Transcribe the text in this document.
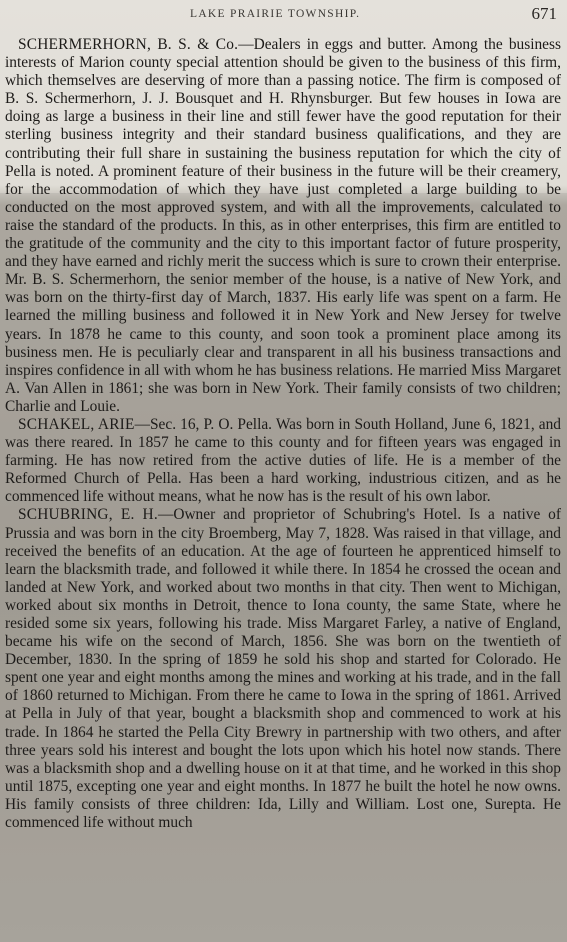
LAKE PRAIRIE TOWNSHIP.	671

SCHERMERHORN, B. S. & Co.—Dealers in eggs and butter. Among the business interests of Marion county special attention should be given to the business of this firm, which themselves are deserving of more than a passing notice. The firm is composed of B. S. Schermerhorn, J. J. Bousquet and H. Rhynsburger. But few houses in Iowa are doing as large a business in their line and still fewer have the good reputation for their sterling business integrity and their standard business qualifications, and they are contributing their full share in sustaining the business reputation for which the city of Pella is noted. A prominent feature of their business in the future will be their creamery, for the accommodation of which they have just completed a large building to be conducted on the most approved system, and with all the improvements, calculated to raise the standard of the products. In this, as in other enterprises, this firm are entitled to the gratitude of the community and the city to this important factor of future prosperity, and they have earned and richly merit the success which is sure to crown their enterprise. Mr. B. S. Schermerhorn, the senior member of the house, is a native of New York, and was born on the thirty-first day of March, 1837. His early life was spent on a farm. He learned the milling business and followed it in New York and New Jersey for twelve years. In 1878 he came to this county, and soon took a prominent place among its business men. He is peculiarly clear and transparent in all his business transactions and inspires confidence in all with whom he has business relations. He married Miss Margaret A. Van Allen in 1861; she was born in New York. Their family consists of two children; Charlie and Louie.

SCHAKEL, ARIE—Sec. 16, P. O. Pella. Was born in South Holland, June 6, 1821, and was there reared. In 1857 he came to this county and for fifteen years was engaged in farming. He has now retired from the active duties of life. He is a member of the Reformed Church of Pella. Has been a hard working, industrious citizen, and as he commenced life without means, what he now has is the result of his own labor.

SCHUBRING, E. H.—Owner and proprietor of Schubring's Hotel. Is a native of Prussia and was born in the city Broemberg, May 7, 1828. Was raised in that village, and received the benefits of an education. At the age of fourteen he apprenticed himself to learn the blacksmith trade, and followed it while there. In 1854 he crossed the ocean and landed at New York, and worked about two months in that city. Then went to Michigan, worked about six months in Detroit, thence to Iona county, the same State, where he resided some six years, following his trade. Miss Margaret Farley, a native of England, became his wife on the second of March, 1856. She was born on the twentieth of December, 1830. In the spring of 1859 he sold his shop and started for Colorado. He spent one year and eight months among the mines and working at his trade, and in the fall of 1860 returned to Michigan. From there he came to Iowa in the spring of 1861. Arrived at Pella in July of that year, bought a blacksmith shop and commenced to work at his trade. In 1864 he started the Pella City Brewry in partnership with two others, and after three years sold his interest and bought the lots upon which his hotel now stands. There was a blacksmith shop and a dwelling house on it at that time, and he worked in this shop until 1875, excepting one year and eight months. In 1877 he built the hotel he now owns. His family consists of three children: Ida, Lilly and William. Lost one, Surepta. He commenced life without much
